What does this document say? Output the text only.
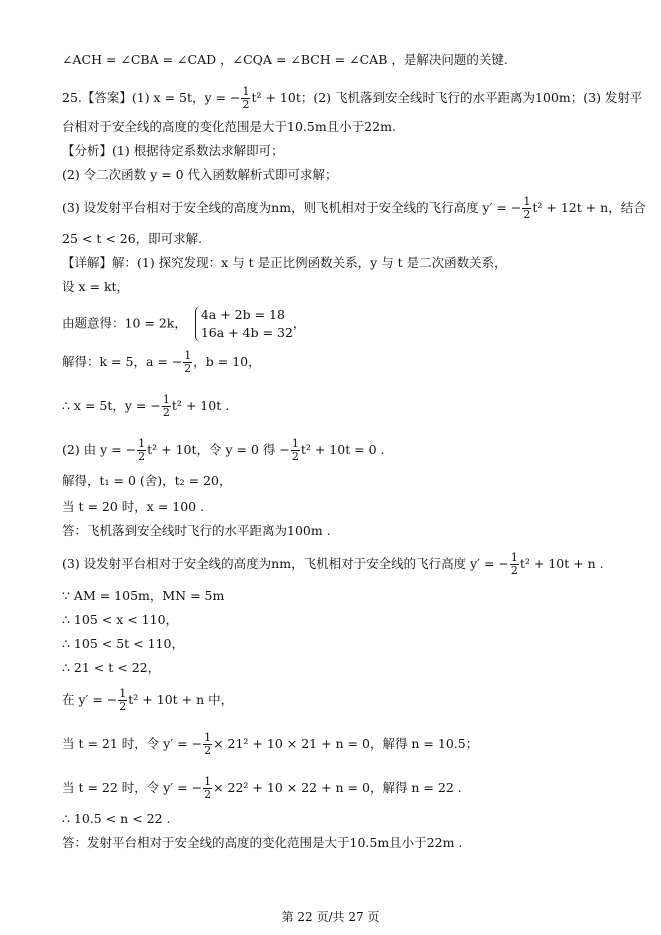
∠ACH = ∠CBA = ∠CAD ，∠CQA = ∠BCH = ∠CAB ，是解决问题的关键.
25.【答案】(1) x = 5t，y = − $\frac{1}{2} t^2 + 10t$；(2) 飞机落到安全线时飞行的水平距离为100m；(3) 发射平
台相对于安全线的高度的变化范围是大于10.5m且小于22m.
【分析】(1) 根据待定系数法求解即可；
(2) 令二次函数 y = 0 代入函数解析式即可求解；
(3) 设发射平台相对于安全线的高度为nm，则飞机相对于安全线的飞行高度 y′ = − $\frac{1}{2} t^2 + 12t + n$，结合
25 < t < 26，即可求解.
【详解】解：(1) 探究发现：x 与 t 是正比例函数关系，y 与 t 是二次函数关系，
设 x = kt，
由题意得：10 = 2k，
4a + 2b = 18
16a + 4b = 32
，
解得：k = 5，a = − $\frac{1}{2}$ ，b = 10，
∴ x = 5t，y = − $\frac{1}{2} t^2 + 10t$ .
(2) 由 y = − $\frac{1}{2} t^2 + 10t$，令 y = 0 得 − $\frac{1}{2} t^2 + 10t = 0$ .
解得，t₁ = 0 (舍)，t₂ = 20，
当 t = 20 时，x = 100 .
答：飞机落到安全线时飞行的水平距离为100m .
(3) 设发射平台相对于安全线的高度为nm，飞机相对于安全线的飞行高度 y′ = − $\frac{1}{2} t^2 + 10t + n$ .
∵ AM = 105m，MN = 5m
∴ 105 < x < 110，
∴ 105 < 5t < 110，
∴ 21 < t < 22，
在 y′ = − $\frac{1}{2} t^2 + 10t + n$ 中，
当 t = 21 时，令 y′ = − $\frac{1}{2} \times 21^2 + 10 \times 21 + n = 0$，解得 n = 10.5；
当 t = 22 时，令 y′ = − $\frac{1}{2} \times 22^2 + 10 \times 22 + n = 0$，解得 n = 22 .
∴ 10.5 < n < 22 .
答：发射平台相对于安全线的高度的变化范围是大于10.5m且小于22m .
第 22 页/共 27 页
